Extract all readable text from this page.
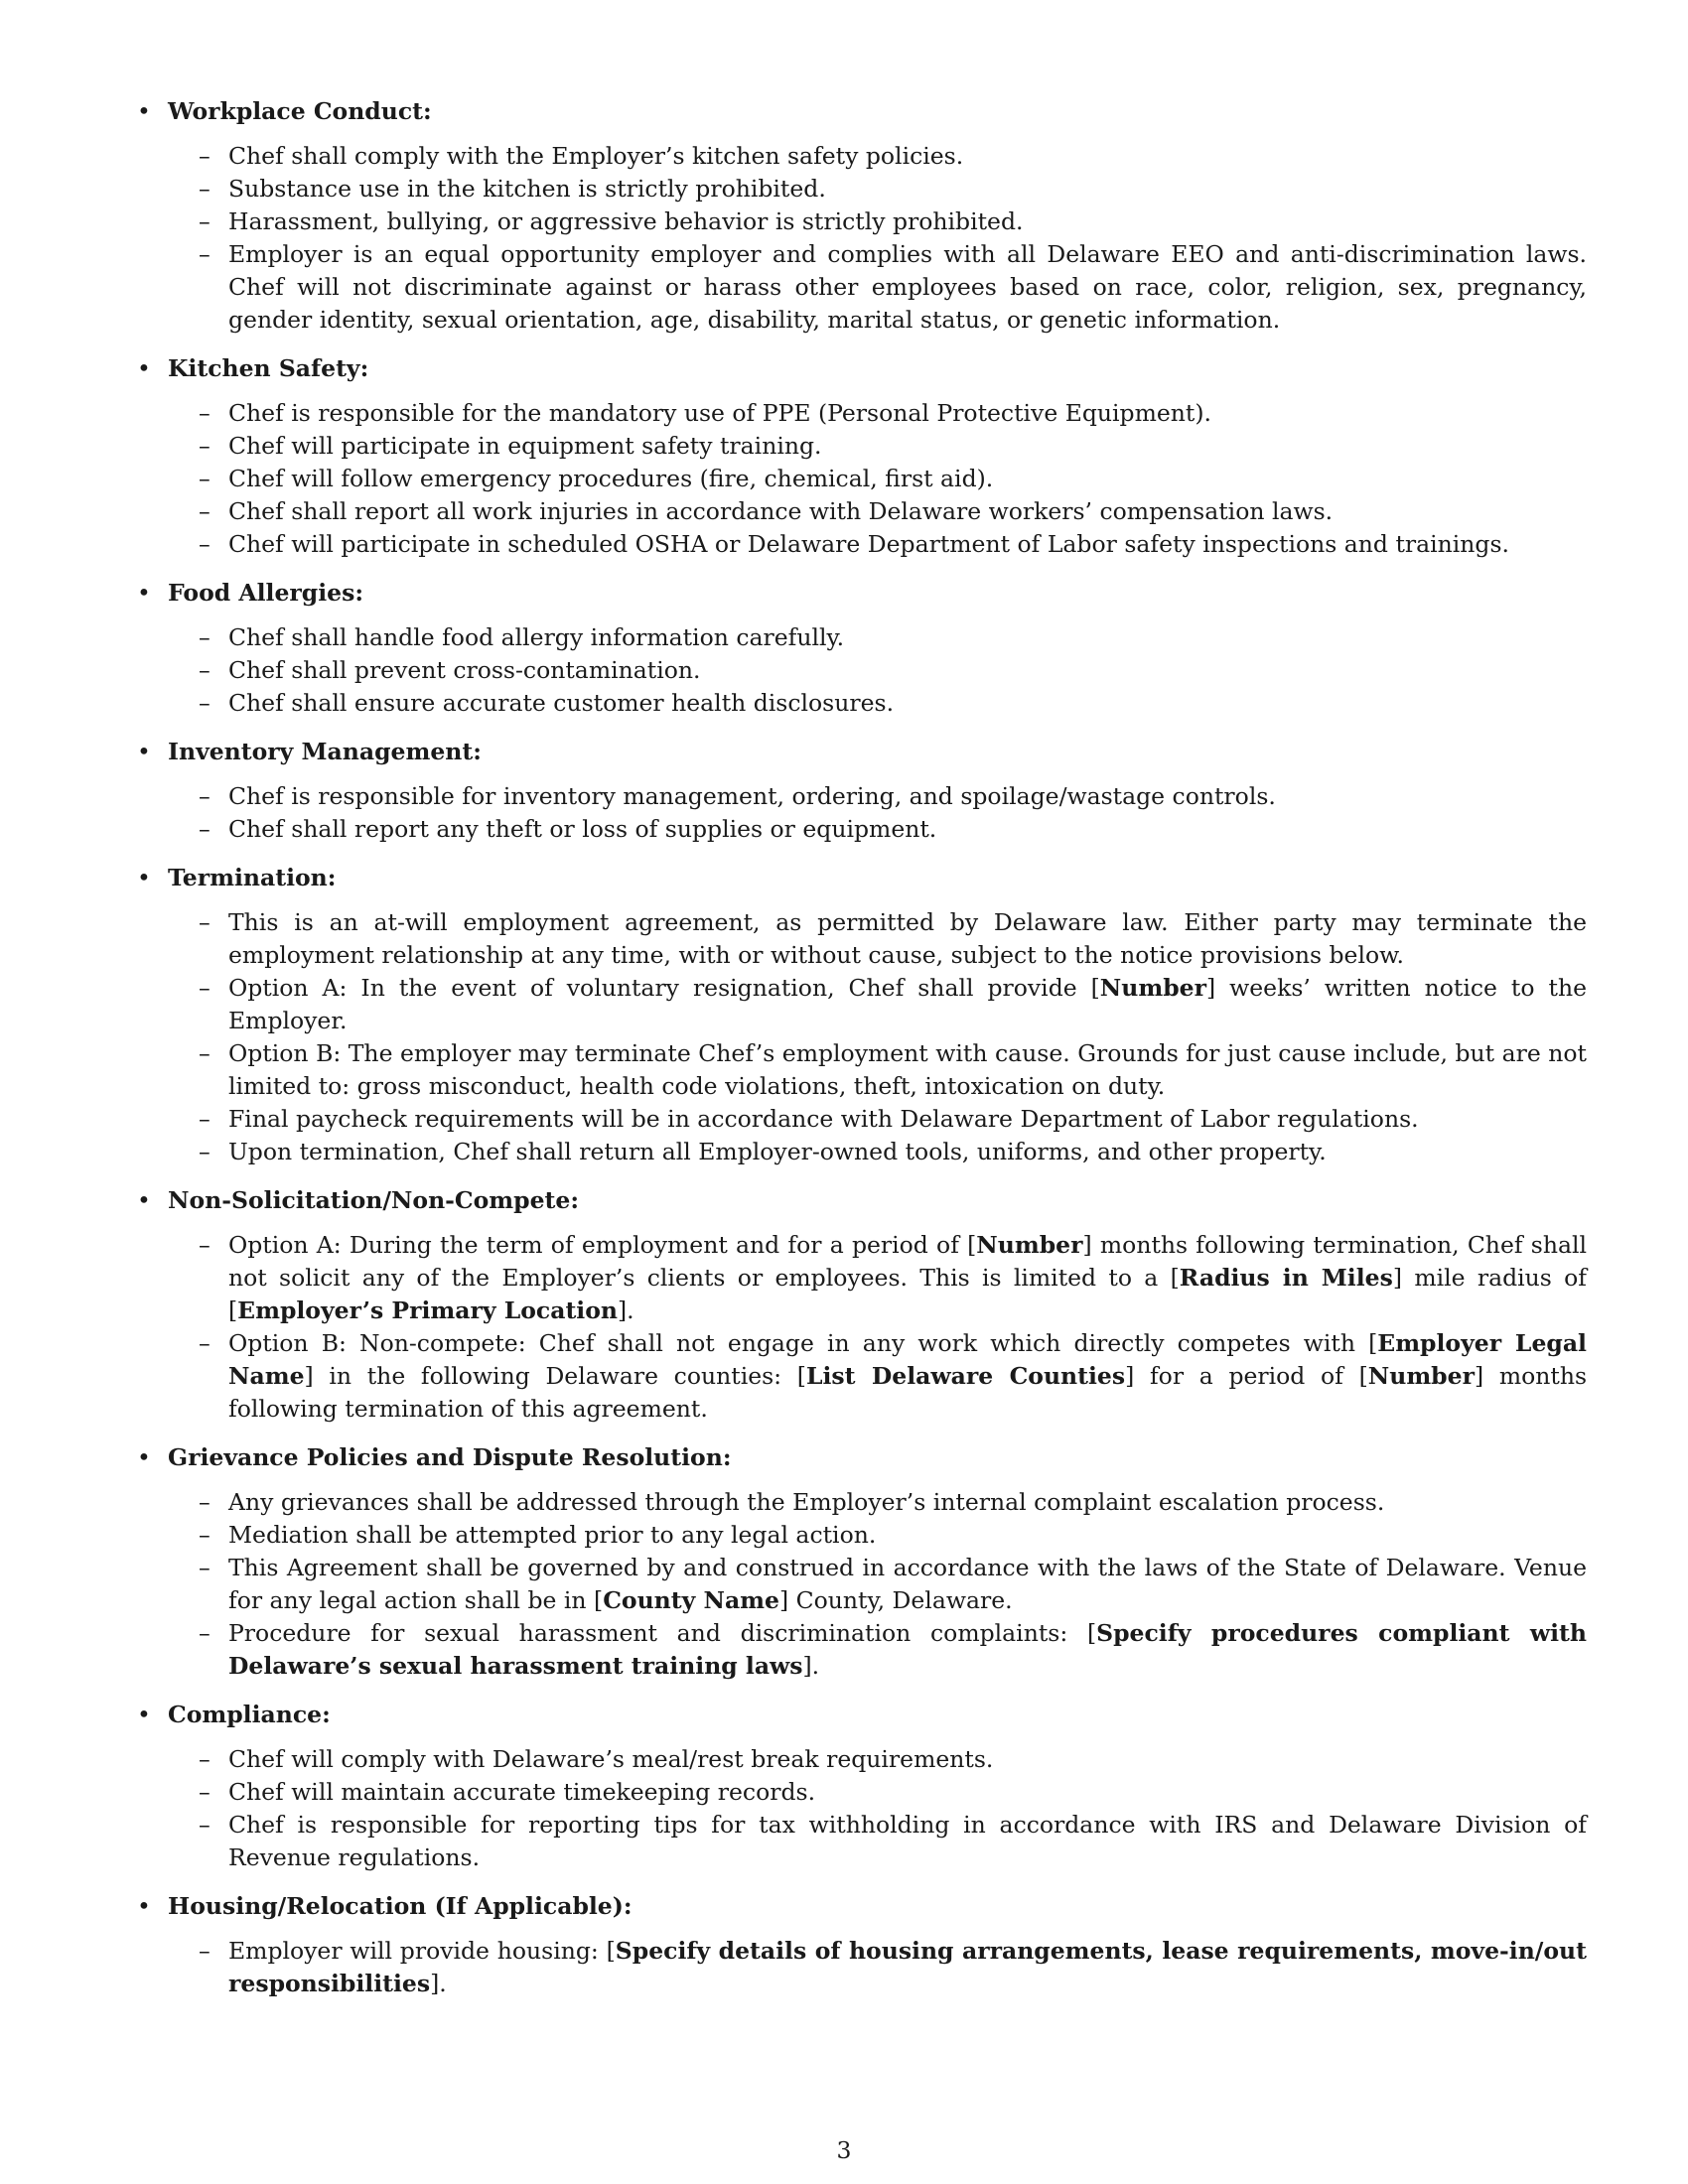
• Workplace Conduct:
– Chef shall comply with the Employer’s kitchen safety policies.
– Substance use in the kitchen is strictly prohibited.
– Harassment, bullying, or aggressive behavior is strictly prohibited.
– Employer is an equal opportunity employer and complies with all Delaware EEO and anti-discrimination laws. Chef will not discriminate against or harass other employees based on race, color, religion, sex, pregnancy, gender identity, sexual orientation, age, disability, marital status, or genetic information.
• Kitchen Safety:
– Chef is responsible for the mandatory use of PPE (Personal Protective Equipment).
– Chef will participate in equipment safety training.
– Chef will follow emergency procedures (fire, chemical, first aid).
– Chef shall report all work injuries in accordance with Delaware workers’ compensation laws.
– Chef will participate in scheduled OSHA or Delaware Department of Labor safety inspections and trainings.
• Food Allergies:
– Chef shall handle food allergy information carefully.
– Chef shall prevent cross-contamination.
– Chef shall ensure accurate customer health disclosures.
• Inventory Management:
– Chef is responsible for inventory management, ordering, and spoilage/wastage controls.
– Chef shall report any theft or loss of supplies or equipment.
• Termination:
– This is an at-will employment agreement, as permitted by Delaware law. Either party may terminate the employment relationship at any time, with or without cause, subject to the notice provisions below.
– Option A: In the event of voluntary resignation, Chef shall provide [Number] weeks’ written notice to the Employer.
– Option B: The employer may terminate Chef’s employment with cause. Grounds for just cause include, but are not limited to: gross misconduct, health code violations, theft, intoxication on duty.
– Final paycheck requirements will be in accordance with Delaware Department of Labor regulations.
– Upon termination, Chef shall return all Employer-owned tools, uniforms, and other property.
• Non-Solicitation/Non-Compete:
– Option A: During the term of employment and for a period of [Number] months following termination, Chef shall not solicit any of the Employer’s clients or employees. This is limited to a [Radius in Miles] mile radius of [Employer’s Primary Location].
– Option B: Non-compete: Chef shall not engage in any work which directly competes with [Employer Legal Name] in the following Delaware counties: [List Delaware Counties] for a period of [Number] months following termination of this agreement.
• Grievance Policies and Dispute Resolution:
– Any grievances shall be addressed through the Employer’s internal complaint escalation process.
– Mediation shall be attempted prior to any legal action.
– This Agreement shall be governed by and construed in accordance with the laws of the State of Delaware. Venue for any legal action shall be in [County Name] County, Delaware.
– Procedure for sexual harassment and discrimination complaints: [Specify procedures compliant with Delaware’s sexual harassment training laws].
• Compliance:
– Chef will comply with Delaware’s meal/rest break requirements.
– Chef will maintain accurate timekeeping records.
– Chef is responsible for reporting tips for tax withholding in accordance with IRS and Delaware Division of Revenue regulations.
• Housing/Relocation (If Applicable):
– Employer will provide housing: [Specify details of housing arrangements, lease requirements, move-in/out responsibilities].
3
